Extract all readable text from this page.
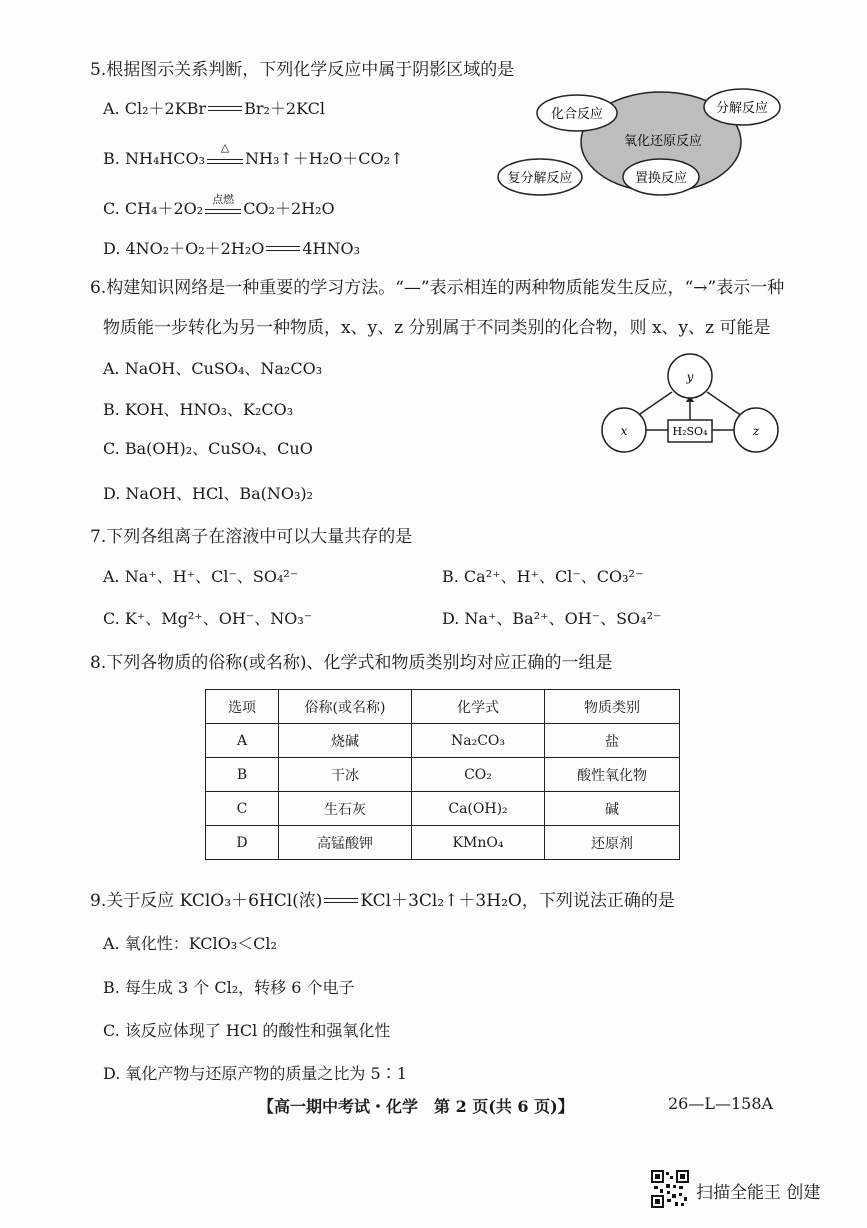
5.根据图示关系判断，下列化学反应中属于阴影区域的是
A. Cl₂＋2KBr Br₂＋2KCl
B. NH₄HCO₃
△
NH₃↑＋H₂O＋CO₂↑
C. CH₄＋2O₂ 点燃 CO₂＋2H₂O
D. 4NO₂＋O₂＋2H₂O 4HNO₃
化合反应	分解反应
氧化还原反应
复分解反应	置换反应
6.构建知识网络是一种重要的学习方法。“—”表示相连的两种物质能发生反应，“→”表示一种
物质能一步转化为另一种物质，x、y、z 分别属于不同类别的化合物，则 x、y、z 可能是
A. NaOH、CuSO₄、Na₂CO₃
B. KOH、HNO₃、K₂CO₃
C. Ba(OH)₂、CuSO₄、CuO
D. NaOH、HCl、Ba(NO₃)₂
y
x	z
H₂SO₄
7.下列各组离子在溶液中可以大量共存的是
A. Na⁺、H⁺、Cl⁻、SO₄²⁻	B. Ca²⁺、H⁺、Cl⁻、CO₃²⁻
C. K⁺、Mg²⁺、OH⁻、NO₃⁻	D. Na⁺、Ba²⁺、OH⁻、SO₄²⁻
8.下列各物质的俗称(或名称)、化学式和物质类别均对应正确的一组是
选项	俗称(或名称)	化学式	物质类别
A	烧碱	Na₂CO₃	盐
B	干冰	CO₂	酸性氧化物
C	生石灰	Ca(OH)₂	碱
D	高锰酸钾	KMnO₄	还原剂
9.关于反应 KClO₃＋6HCl(浓) KCl＋3Cl₂↑＋3H₂O，下列说法正确的是
A. 氧化性：KClO₃＜Cl₂
B. 每生成 3 个 Cl₂，转移 6 个电子
C. 该反应体现了 HCl 的酸性和强氧化性
D. 氧化产物与还原产物的质量之比为 5∶1
【高一期中考试・化学　第 2 页(共 6 页)】	26—L—158A
扫描全能王 创建
